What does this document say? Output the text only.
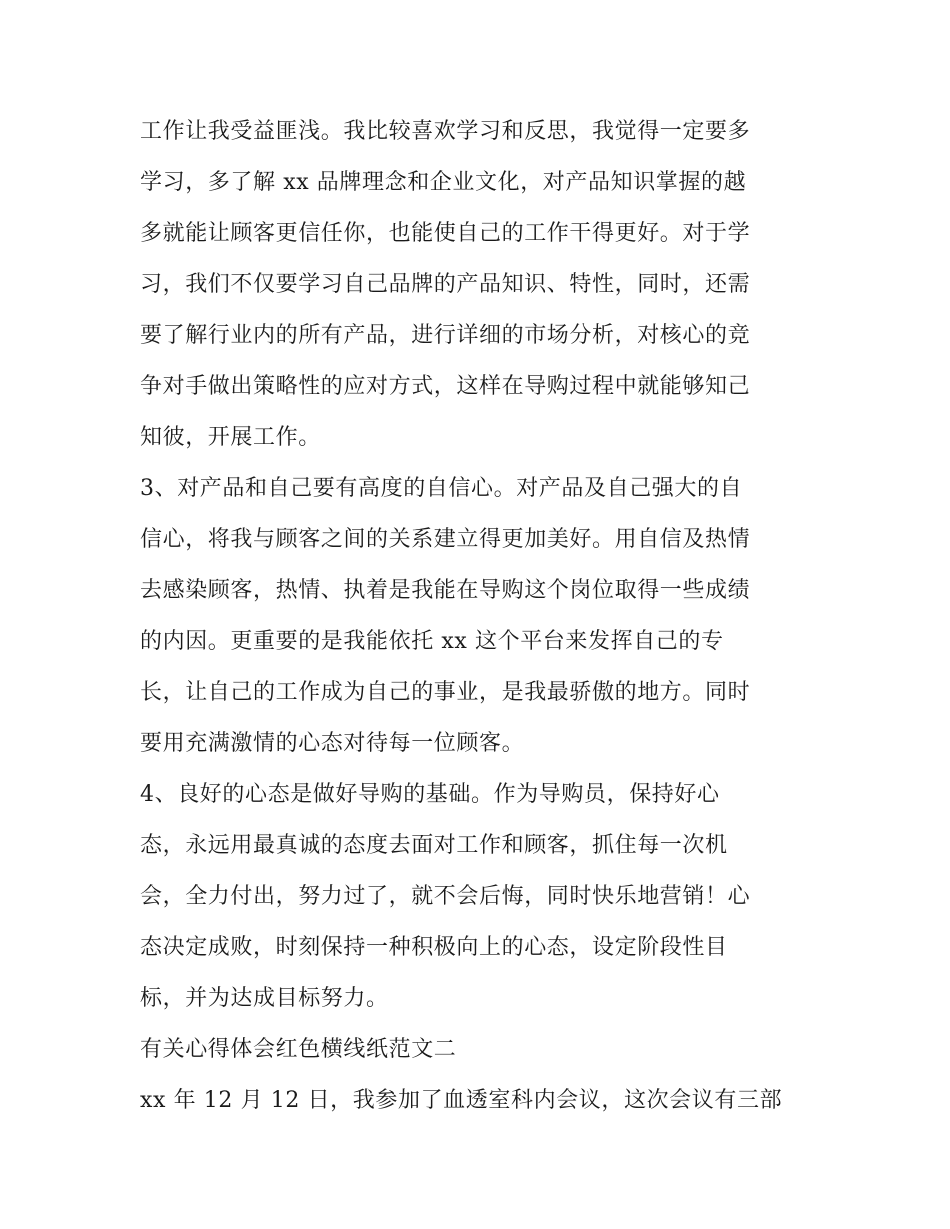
工作让我受益匪浅。我比较喜欢学习和反思，我觉得一定要多
学习，多了解 xx 品牌理念和企业文化，对产品知识掌握的越
多就能让顾客更信任你，也能使自己的工作干得更好。对于学
习，我们不仅要学习自己品牌的产品知识、特性，同时，还需
要了解行业内的所有产品，进行详细的市场分析，对核心的竞
争对手做出策略性的应对方式，这样在导购过程中就能够知己
知彼，开展工作。
3、对产品和自己要有高度的自信心。对产品及自己强大的自
信心，将我与顾客之间的关系建立得更加美好。用自信及热情
去感染顾客，热情、执着是我能在导购这个岗位取得一些成绩
的内因。更重要的是我能依托 xx 这个平台来发挥自己的专
长，让自己的工作成为自己的事业，是我最骄傲的地方。同时
要用充满激情的心态对待每一位顾客。
4、良好的心态是做好导购的基础。作为导购员，保持好心
态，永远用最真诚的态度去面对工作和顾客，抓住每一次机
会，全力付出，努力过了，就不会后悔，同时快乐地营销！心
态决定成败，时刻保持一种积极向上的心态，设定阶段性目
标，并为达成目标努力。
有关心得体会红色横线纸范文二
xx 年 12 月 12 日，我参加了血透室科内会议，这次会议有三部
